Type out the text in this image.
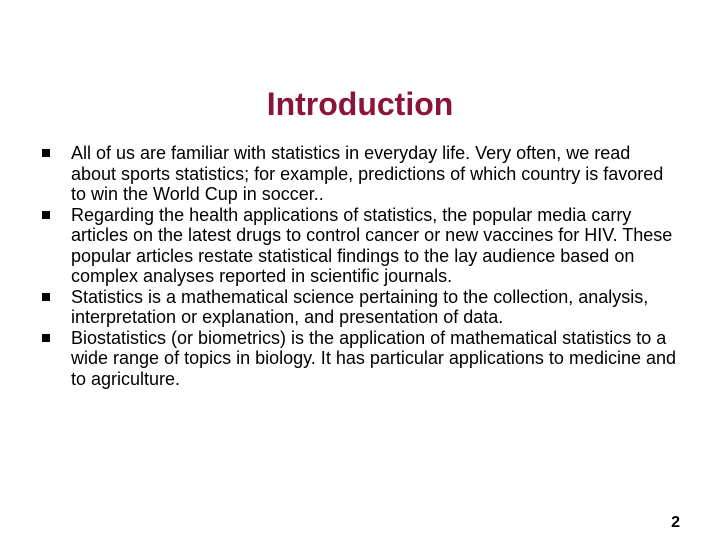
Introduction
All of us are familiar with statistics in everyday life. Very often, we read about sports statistics; for example, predictions of which country is favored to win the World Cup in soccer..
Regarding the health applications of statistics, the popular media carry articles on the latest drugs to control cancer or new vaccines for HIV. These popular articles restate statistical findings to the lay audience based on complex analyses reported in scientific journals.
Statistics is a mathematical science pertaining to the collection, analysis, interpretation or explanation, and presentation of data.
Biostatistics (or biometrics) is the application of mathematical statistics to a wide range of topics in biology. It has particular applications to medicine and to agriculture.
2
